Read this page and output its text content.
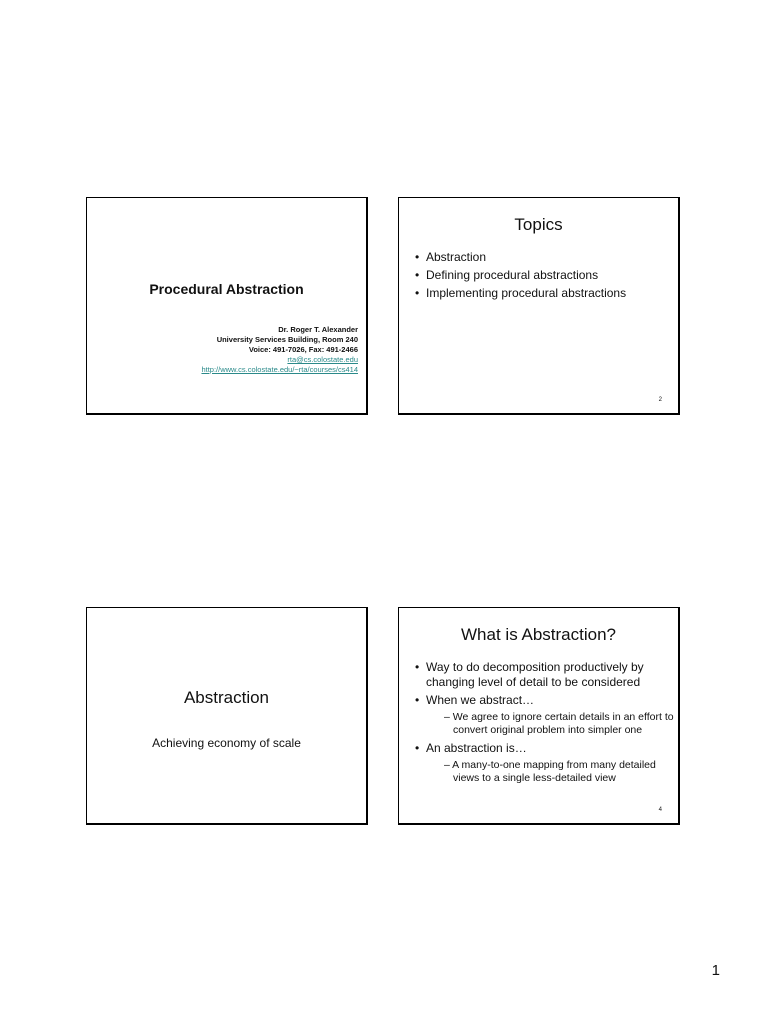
Procedural Abstraction
Dr. Roger T. Alexander
University Services Building, Room 240
Voice: 491-7026, Fax: 491-2466
rta@cs.colostate.edu
http://www.cs.colostate.edu/~rta/courses/cs414
Topics
• Abstraction
• Defining procedural abstractions
• Implementing procedural abstractions
2
Abstraction
Achieving economy of scale
What is Abstraction?
• Way to do decomposition productively by changing level of detail to be considered
• When we abstract…
– We agree to ignore certain details in an effort to convert original problem into simpler one
• An abstraction is…
– A many-to-one mapping from many detailed views to a single less-detailed view
4
1
